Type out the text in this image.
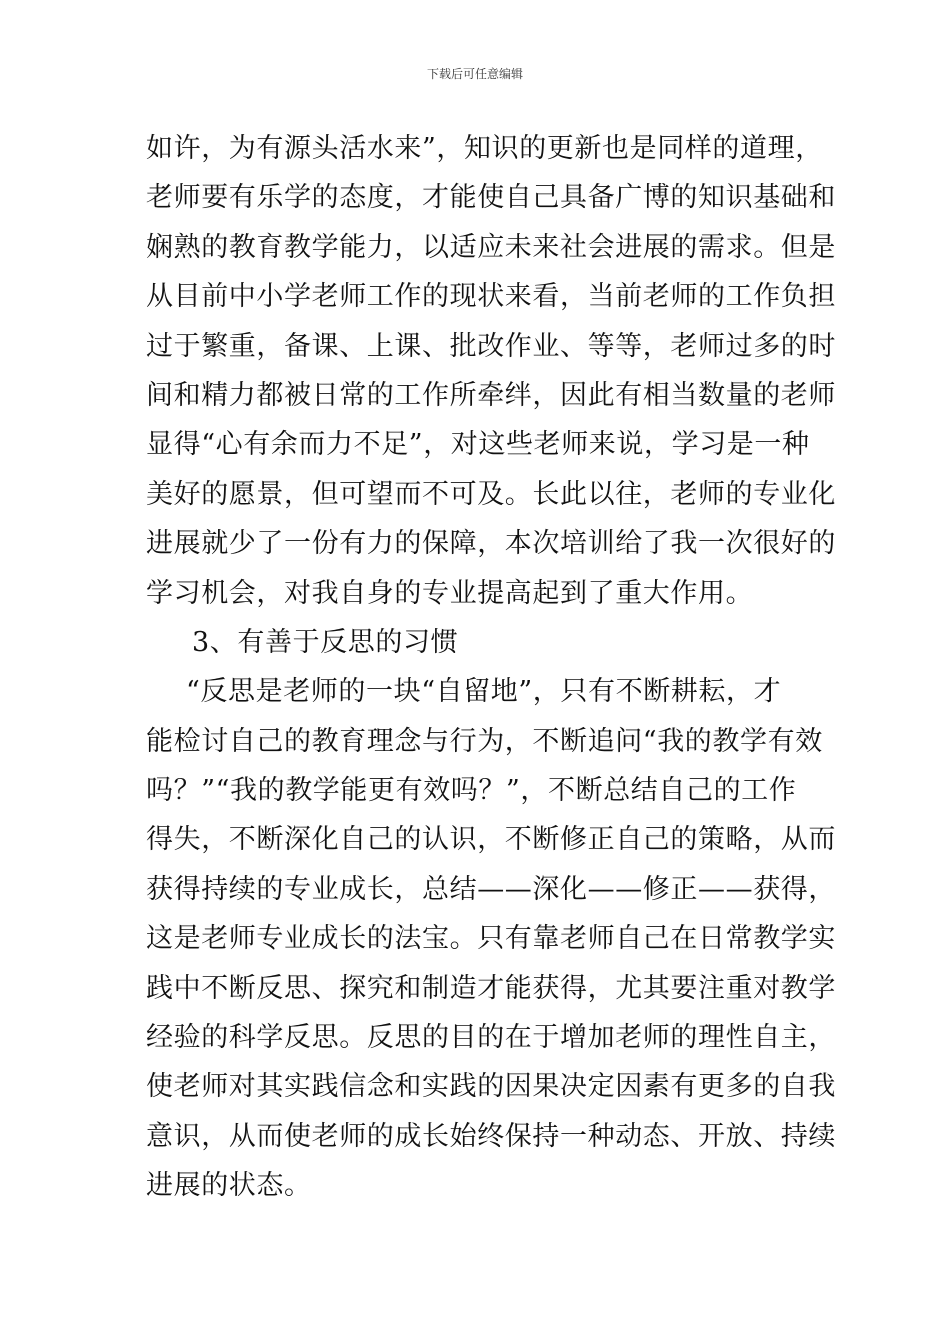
下载后可任意编辑
如许，为有源头活水来”，知识的更新也是同样的道理，
老师要有乐学的态度，才能使自己具备广博的知识基础和
娴熟的教育教学能力，以适应未来社会进展的需求。但是
从目前中小学老师工作的现状来看，当前老师的工作负担
过于繁重，备课、上课、批改作业、等等，老师过多的时
间和精力都被日常的工作所牵绊，因此有相当数量的老师
显得“心有余而力不足”，对这些老师来说，学习是一种
美好的愿景，但可望而不可及。长此以往，老师的专业化
进展就少了一份有力的保障，本次培训给了我一次很好的
学习机会，对我自身的专业提高起到了重大作用。
3、有善于反思的习惯
“反思是老师的一块“自留地”，只有不断耕耘，才
能检讨自己的教育理念与行为，不断追问“我的教学有效
吗？”“我的教学能更有效吗？”，不断总结自己的工作
得失，不断深化自己的认识，不断修正自己的策略，从而
获得持续的专业成长，总结——深化——修正——获得，
这是老师专业成长的法宝。只有靠老师自己在日常教学实
践中不断反思、探究和制造才能获得，尤其要注重对教学
经验的科学反思。反思的目的在于增加老师的理性自主，
使老师对其实践信念和实践的因果决定因素有更多的自我
意识，从而使老师的成长始终保持一种动态、开放、持续
进展的状态。
